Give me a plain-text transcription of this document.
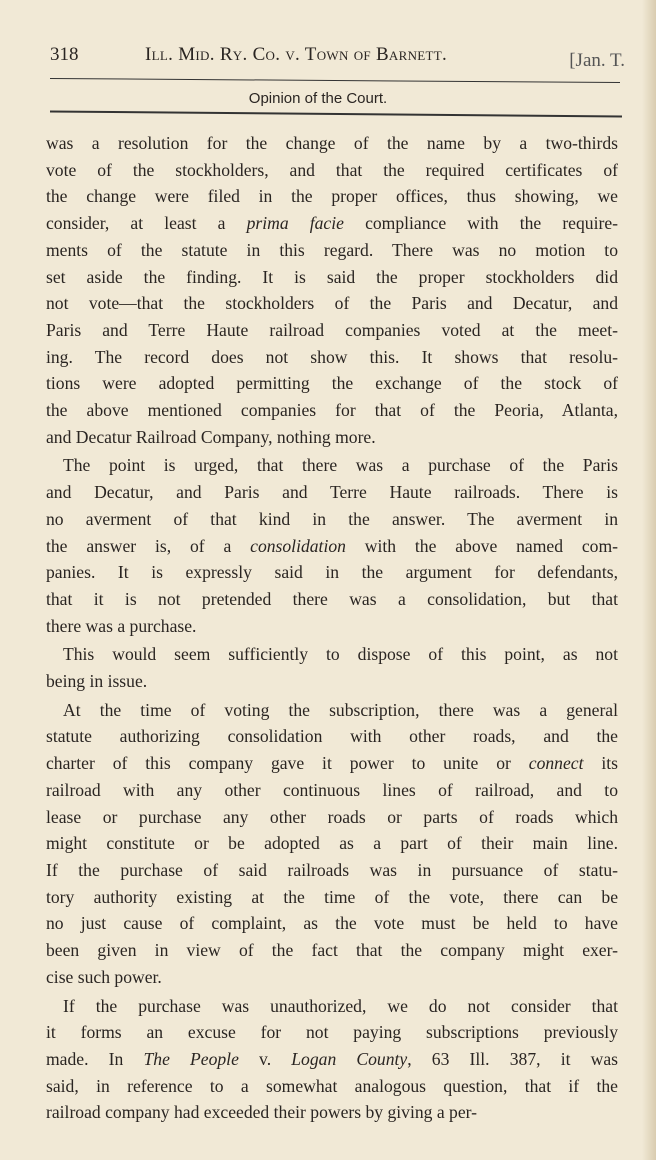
318	Ill. Mid. Ry. Co. v. Town of Barnett.	[Jan. T.
Opinion of the Court.
was a resolution for the change of the name by a two-thirds
vote of the stockholders, and that the required certificates of
the change were filed in the proper offices, thus showing, we
consider, at least a prima facie compliance with the require-
ments of the statute in this regard. There was no motion to
set aside the finding. It is said the proper stockholders did
not vote—that the stockholders of the Paris and Decatur, and
Paris and Terre Haute railroad companies voted at the meet-
ing. The record does not show this. It shows that resolu-
tions were adopted permitting the exchange of the stock of
the above mentioned companies for that of the Peoria, Atlanta,
and Decatur Railroad Company, nothing more.
The point is urged, that there was a purchase of the Paris
and Decatur, and Paris and Terre Haute railroads. There is
no averment of that kind in the answer. The averment in
the answer is, of a consolidation with the above named com-
panies. It is expressly said in the argument for defendants,
that it is not pretended there was a consolidation, but that
there was a purchase.
This would seem sufficiently to dispose of this point, as not
being in issue.
At the time of voting the subscription, there was a general
statute authorizing consolidation with other roads, and the
charter of this company gave it power to unite or connect its
railroad with any other continuous lines of railroad, and to
lease or purchase any other roads or parts of roads which
might constitute or be adopted as a part of their main line.
If the purchase of said railroads was in pursuance of statu-
tory authority existing at the time of the vote, there can be
no just cause of complaint, as the vote must be held to have
been given in view of the fact that the company might exer-
cise such power.
If the purchase was unauthorized, we do not consider that
it forms an excuse for not paying subscriptions previously
made. In The People v. Logan County, 63 Ill. 387, it was
said, in reference to a somewhat analogous question, that if the
railroad company had exceeded their powers by giving a per-
